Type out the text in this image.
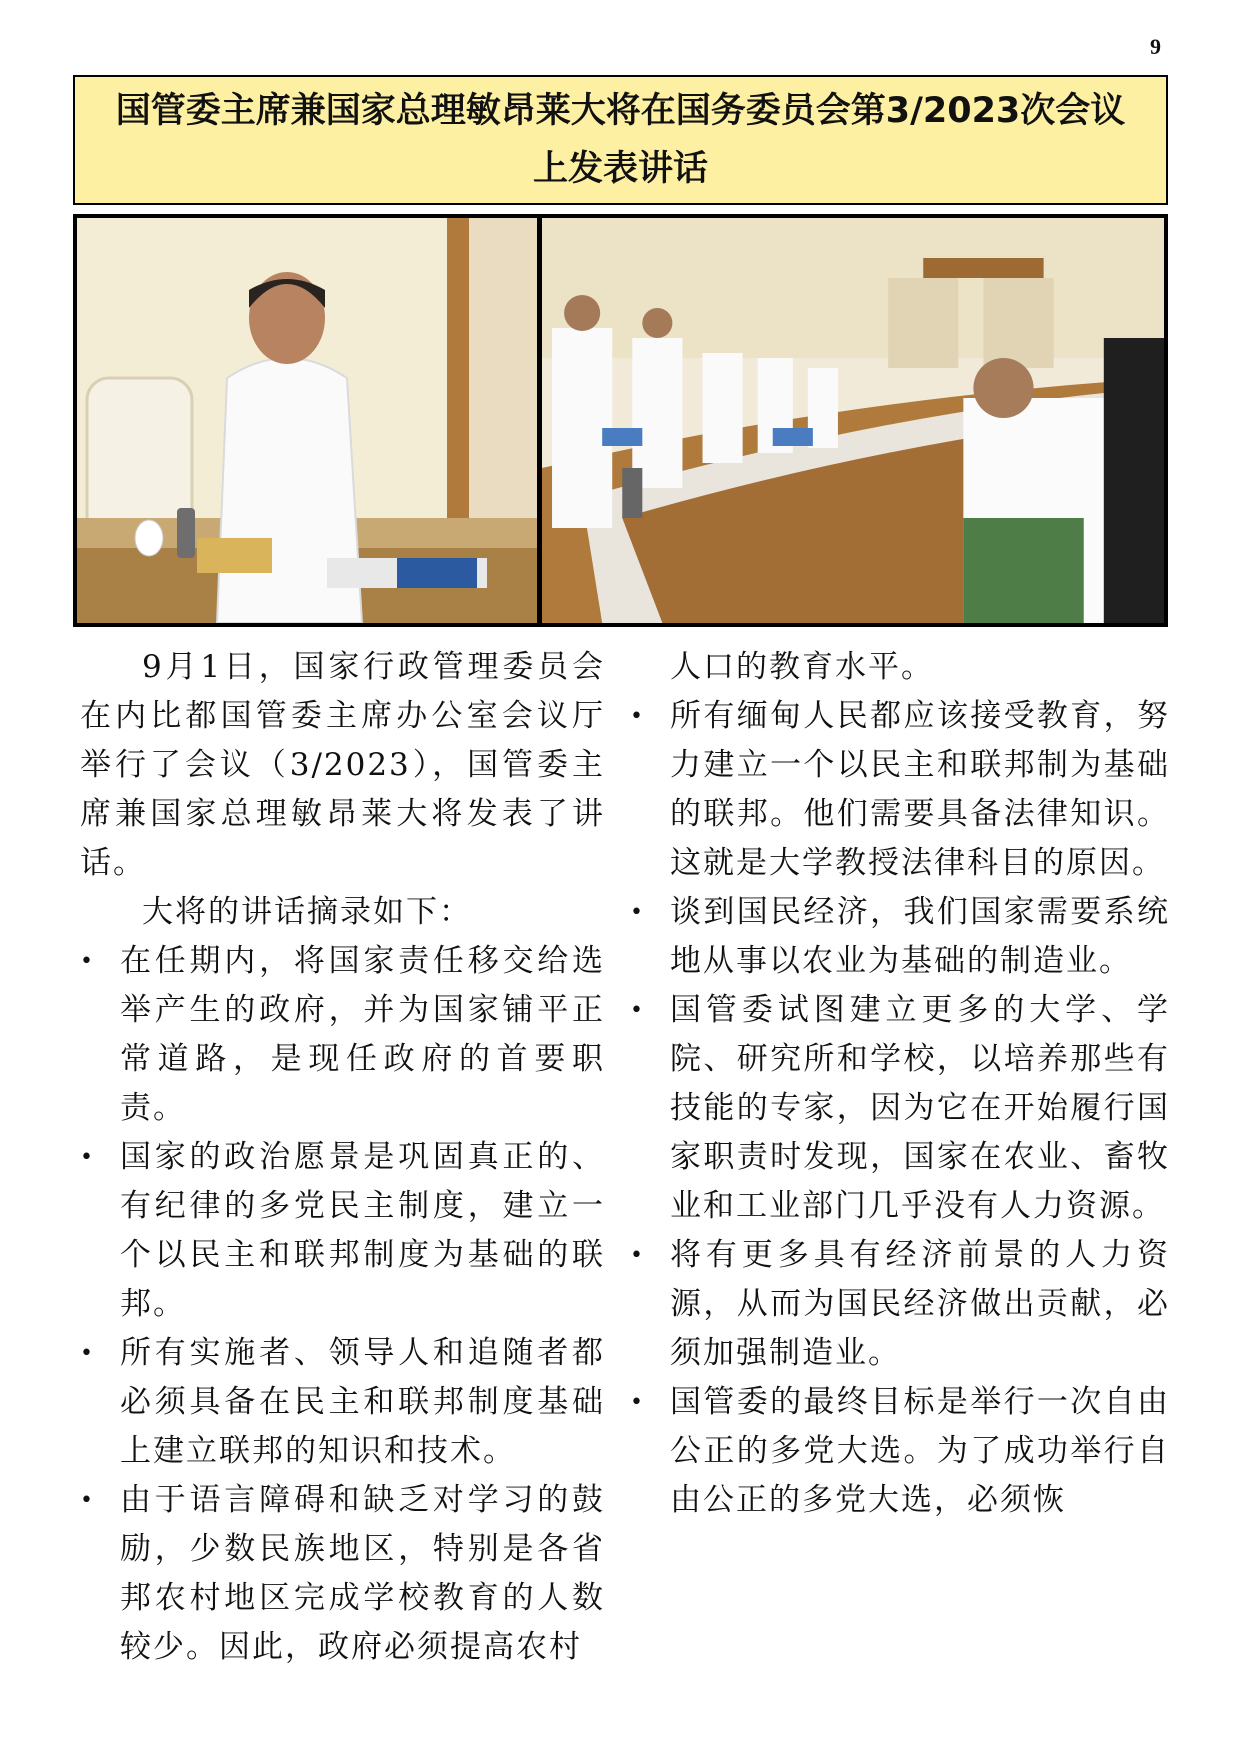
9
国管委主席兼国家总理敏昂莱大将在国务委员会第3/2023次会议
上发表讲话

9月1日，国家行政管理委员会在内比都国管委主席办公室会议厅举行了会议（3/2023），国管委主席兼国家总理敏昂莱大将发表了讲话。

大将的讲话摘录如下：

• 在任期内，将国家责任移交给选举产生的政府，并为国家铺平正常道路，是现任政府的首要职责。
• 国家的政治愿景是巩固真正的、有纪律的多党民主制度，建立一个以民主和联邦制度为基础的联邦。
• 所有实施者、领导人和追随者都必须具备在民主和联邦制度基础上建立联邦的知识和技术。
• 由于语言障碍和缺乏对学习的鼓励，少数民族地区，特别是各省邦农村地区完成学校教育的人数较少。因此，政府必须提高农村

人口的教育水平。

• 所有缅甸人民都应该接受教育，努力建立一个以民主和联邦制为基础的联邦。他们需要具备法律知识。这就是大学教授法律科目的原因。
• 谈到国民经济，我们国家需要系统地从事以农业为基础的制造业。
• 国管委试图建立更多的大学、学院、研究所和学校，以培养那些有技能的专家，因为它在开始履行国家职责时发现，国家在农业、畜牧业和工业部门几乎没有人力资源。
• 将有更多具有经济前景的人力资源，从而为国民经济做出贡献，必须加强制造业。
• 国管委的最终目标是举行一次自由公正的多党大选。为了成功举行自由公正的多党大选，必须恢
